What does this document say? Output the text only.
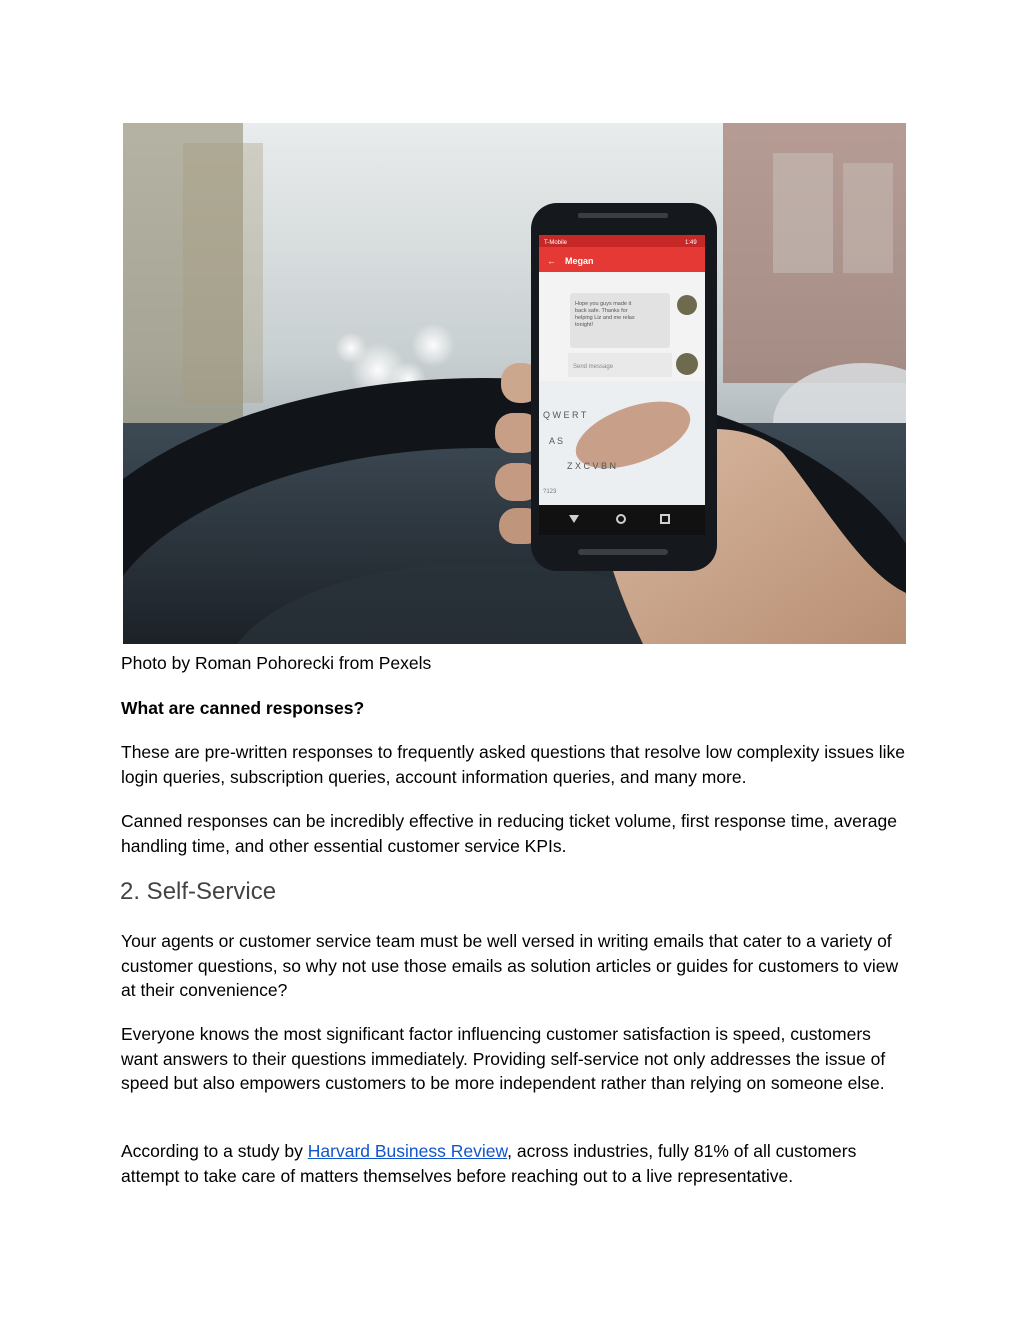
T-Mobile	1:49
← Megan
Hope you guys made it
back safe. Thanks for
helping Liz and me relax
tonight!
Send message
Q W E R T
A S
Z X C V B N
?123

Photo by Roman Pohorecki from Pexels

What are canned responses?

These are pre-written responses to frequently asked questions that resolve low complexity issues like login queries, subscription queries, account information queries, and many more.

Canned responses can be incredibly effective in reducing ticket volume, first response time, average handling time, and other essential customer service KPIs.

2. Self-Service

Your agents or customer service team must be well versed in writing emails that cater to a variety of customer questions, so why not use those emails as solution articles or guides for customers to view at their convenience?

Everyone knows the most significant factor influencing customer satisfaction is speed, customers want answers to their questions immediately. Providing self-service not only addresses the issue of speed but also empowers customers to be more independent rather than relying on someone else.

According to a study by Harvard Business Review, across industries, fully 81% of all customers attempt to take care of matters themselves before reaching out to a live representative.
